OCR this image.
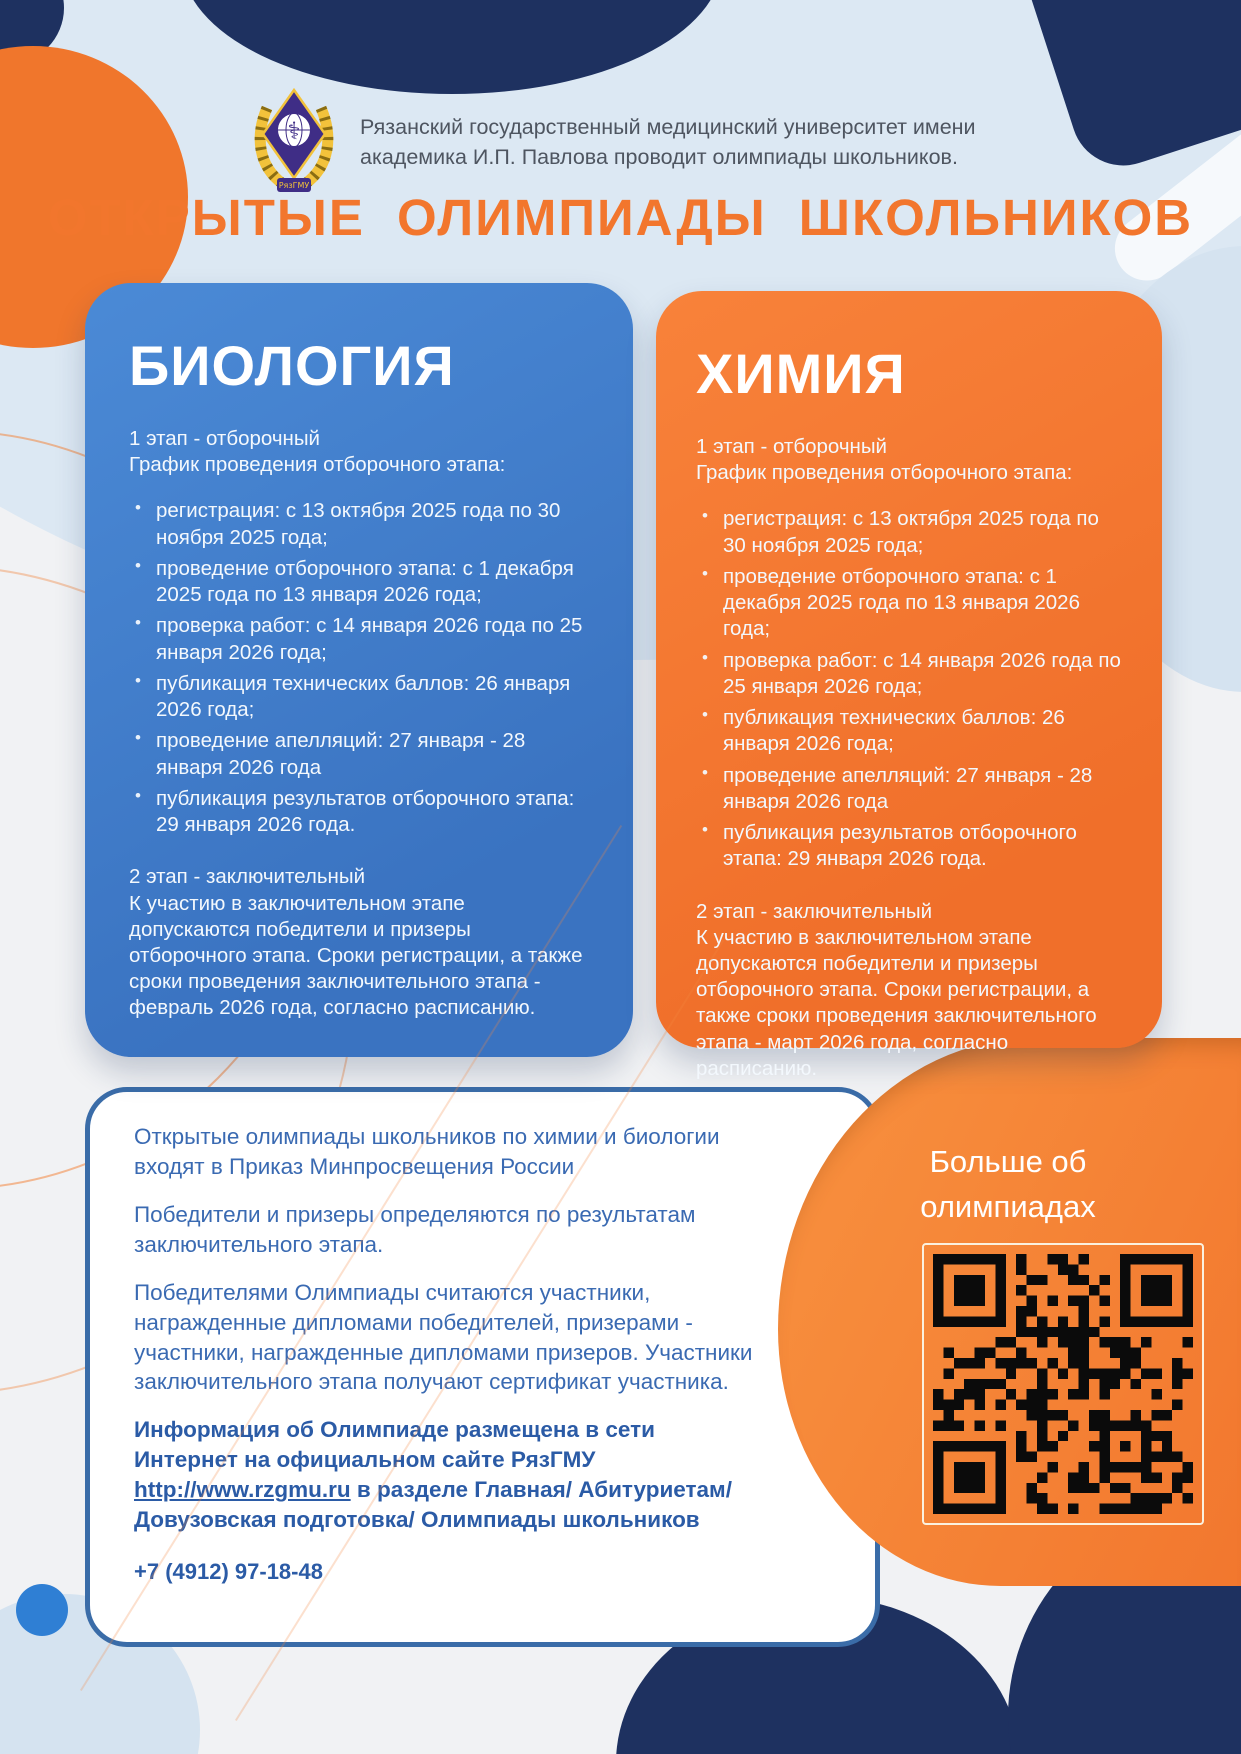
⚕
РязГМУ
Рязанский государственный медицинский университет имени академика И.П. Павлова проводит олимпиады школьников.
ОТКРЫТЫЕ ОЛИМПИАДЫ ШКОЛЬНИКОВ
БИОЛОГИЯ
1 этап - отборочный
График проведения отборочного этапа:
• регистрация: с 13 октября 2025 года по 30 ноября 2025 года;
• проведение отборочного этапа: с 1 декабря 2025 года по 13 января 2026 года;
• проверка работ: с 14 января 2026 года по 25 января 2026 года;
• публикация технических баллов: 26 января 2026 года;
• проведение апелляций: 27 января - 28 января 2026 года
• публикация результатов отборочного этапа: 29 января 2026 года.
2 этап - заключительный
К участию в заключительном этапе допускаются победители и призеры отборочного этапа. Сроки регистрации, а также сроки проведения заключительного этапа - февраль 2026 года, согласно расписанию.
ХИМИЯ
1 этап - отборочный
График проведения отборочного этапа:
• регистрация: с 13 октября 2025 года по 30 ноября 2025 года;
• проведение отборочного этапа: с 1 декабря 2025 года по 13 января 2026 года;
• проверка работ: с 14 января 2026 года по 25 января 2026 года;
• публикация технических баллов: 26 января 2026 года;
• проведение апелляций: 27 января - 28 января 2026 года
• публикация результатов отборочного этапа: 29 января 2026 года.
2 этап - заключительный
К участию в заключительном этапе допускаются победители и призеры отборочного этапа. Сроки регистрации, а также сроки проведения заключительного этапа - март 2026 года, согласно расписанию.

Открытые олимпиады школьников по химии и биологии входят в Приказ Минпросвещения России

Победители и призеры определяются по результатам заключительного этапа.

Победителями Олимпиады считаются участники, награжденные дипломами победителей, призерами - участники, награжденные дипломами призеров. Участники заключительного этапа получают сертификат участника.

Информация об Олимпиаде размещена в сети Интернет на официальном сайте РязГМУ http://www.rzgmu.ru в разделе Главная/ Абитуриетам/ Довузовская подготовка/ Олимпиады школьников

+7 (4912) 97-18-48
Больше об олимпиадах
